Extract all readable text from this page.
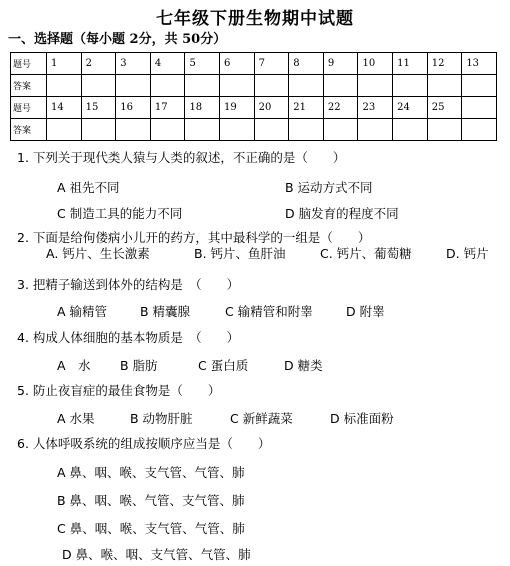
七年级下册生物期中试题
一、选择题（每小题 2分，共 50分）
题号	1	2	3	4	5	6	7	8	9	10	11	12	13
答案													
题号	14	15	16	17	18	19	20	21	22	23	24	25	
答案													
1. 下列关于现代类人猿与人类的叙述，不正确的是（　　）
A 祖先不同	B 运动方式不同
C 制造工具的能力不同	D 脑发育的程度不同
2. 下面是给佝偻病小儿开的药方，其中最科学的一组是（　　）
A. 钙片、生长激素	B. 钙片、鱼肝油	C. 钙片、葡萄糖	D. 钙片
3. 把精子输送到体外的结构是　（　　）
A 输精管	B 精囊腺	C 输精管和附睾	D 附睾
4. 构成人体细胞的基本物质是　（　　）
A　水 B 脂肪	C 蛋白质	D 糖类
5. 防止夜盲症的最佳食物是（　　）
A 水果	B 动物肝脏	C 新鲜蔬菜	D 标准面粉
6. 人体呼吸系统的组成按顺序应当是（　　）
A 鼻、咽、喉、支气管、气管、肺
B 鼻、咽、喉、气管、支气管、肺
C 鼻、咽、喉、支气管、气管、肺
D 鼻、喉、咽、支气管、气管、肺
